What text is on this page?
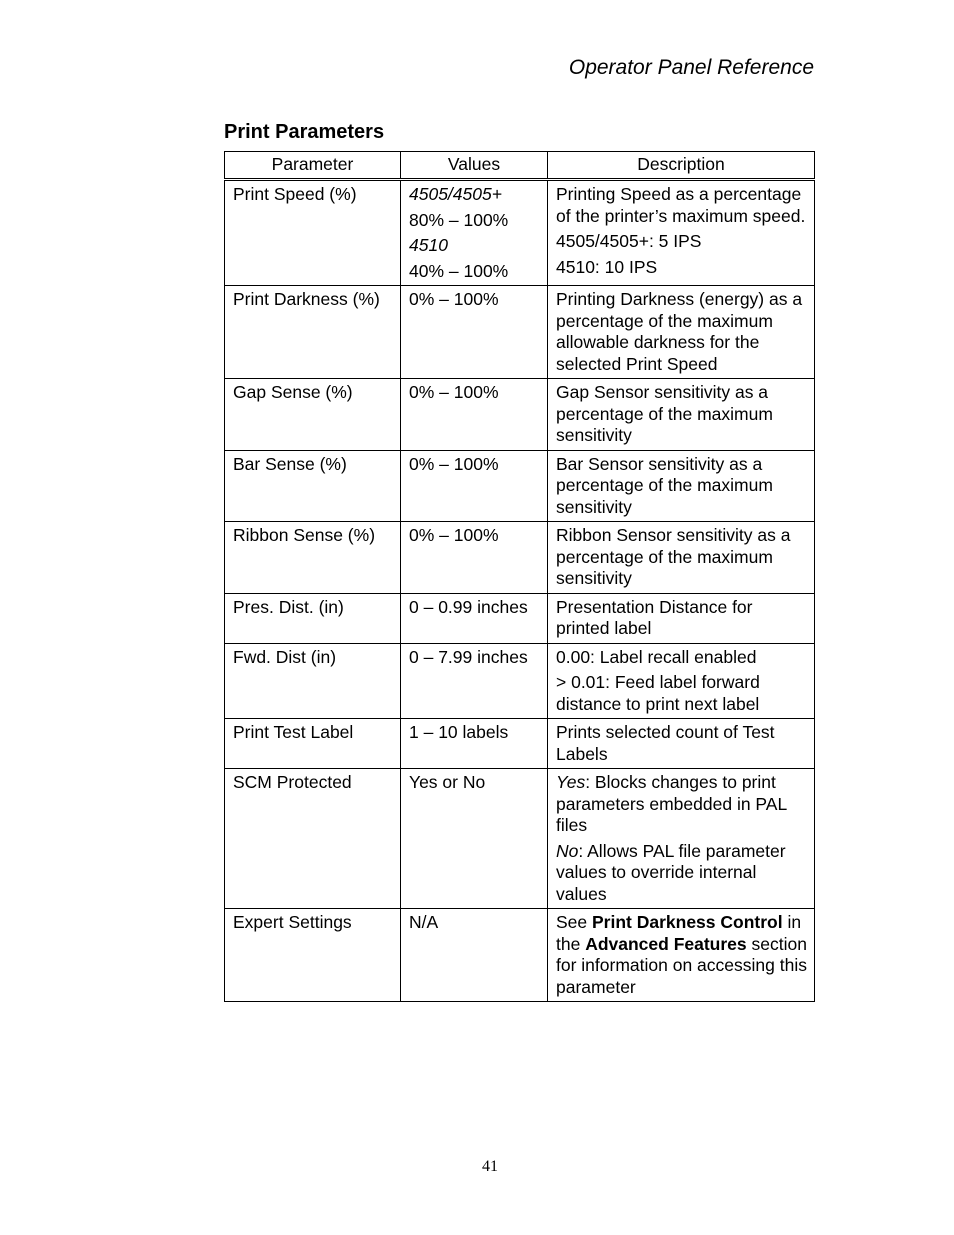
Operator Panel Reference
Print Parameters
Parameter	Values	Description
Print Speed (%)	4505/4505+
80% – 100%
4510
40% – 100%	Printing Speed as a percentage of the printer’s maximum speed.
4505/4505+: 5 IPS
4510: 10 IPS

Print Darkness (%)	0% – 100%	Printing Darkness (energy) as a percentage of the maximum allowable darkness for the selected Print Speed
Gap Sense (%)	0% – 100%	Gap Sensor sensitivity as a percentage of the maximum sensitivity
Bar Sense (%)	0% – 100%	Bar Sensor sensitivity as a percentage of the maximum sensitivity
Ribbon Sense (%)	0% – 100%	Ribbon Sensor sensitivity as a percentage of the maximum sensitivity
Pres. Dist. (in)	0 – 0.99 inches	Presentation Distance for printed label
Fwd. Dist (in)	0 – 7.99 inches	0.00: Label recall enabled
> 0.01: Feed label forward distance to print next label

Print Test Label	1 – 10 labels	Prints selected count of Test Labels
SCM Protected	Yes or No	Yes: Blocks changes to print parameters embedded in PAL files
No: Allows PAL file parameter values to override internal values

Expert Settings	N/A	See Print Darkness Control in the Advanced Features section for information on accessing this parameter
41
